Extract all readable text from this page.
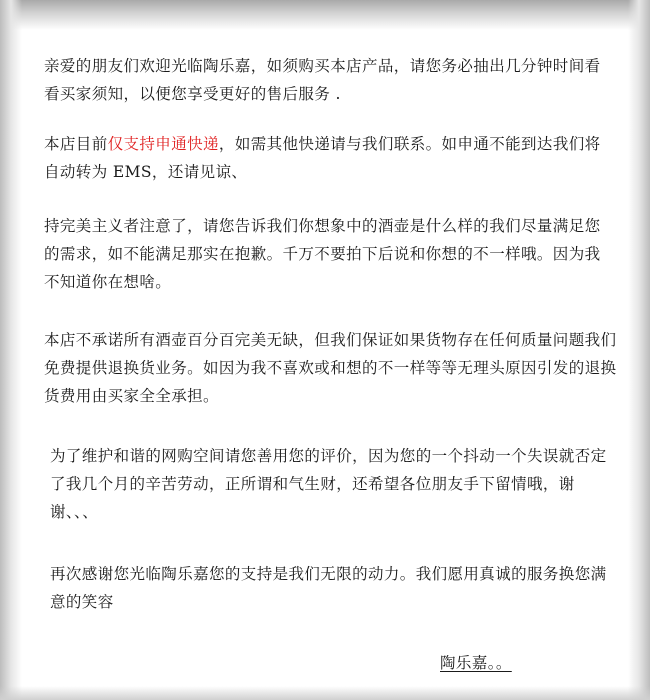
亲爱的朋友们欢迎光临陶乐嘉，如须购买本店产品，请您务必抽出几分钟时间看看买家须知，以便您享受更好的售后服务 .

本店目前仅支持申通快递，如需其他快递请与我们联系。如申通不能到达我们将自动转为 EMS，还请见谅、

持完美主义者注意了，请您告诉我们你想象中的酒壶是什么样的我们尽量满足您的需求，如不能满足那实在抱歉。千万不要拍下后说和你想的不一样哦。因为我不知道你在想啥。

本店不承诺所有酒壶百分百完美无缺，但我们保证如果货物存在任何质量问题我们免费提供退换货业务。如因为我不喜欢或和想的不一样等等无理头原因引发的退换货费用由买家全全承担。

为了维护和谐的网购空间请您善用您的评价，因为您的一个抖动一个失误就否定了我几个月的辛苦劳动，正所谓和气生财，还希望各位朋友手下留情哦，谢谢、、、

再次感谢您光临陶乐嘉您的支持是我们无限的动力。我们愿用真诚的服务换您满意的笑容

陶乐嘉。。
